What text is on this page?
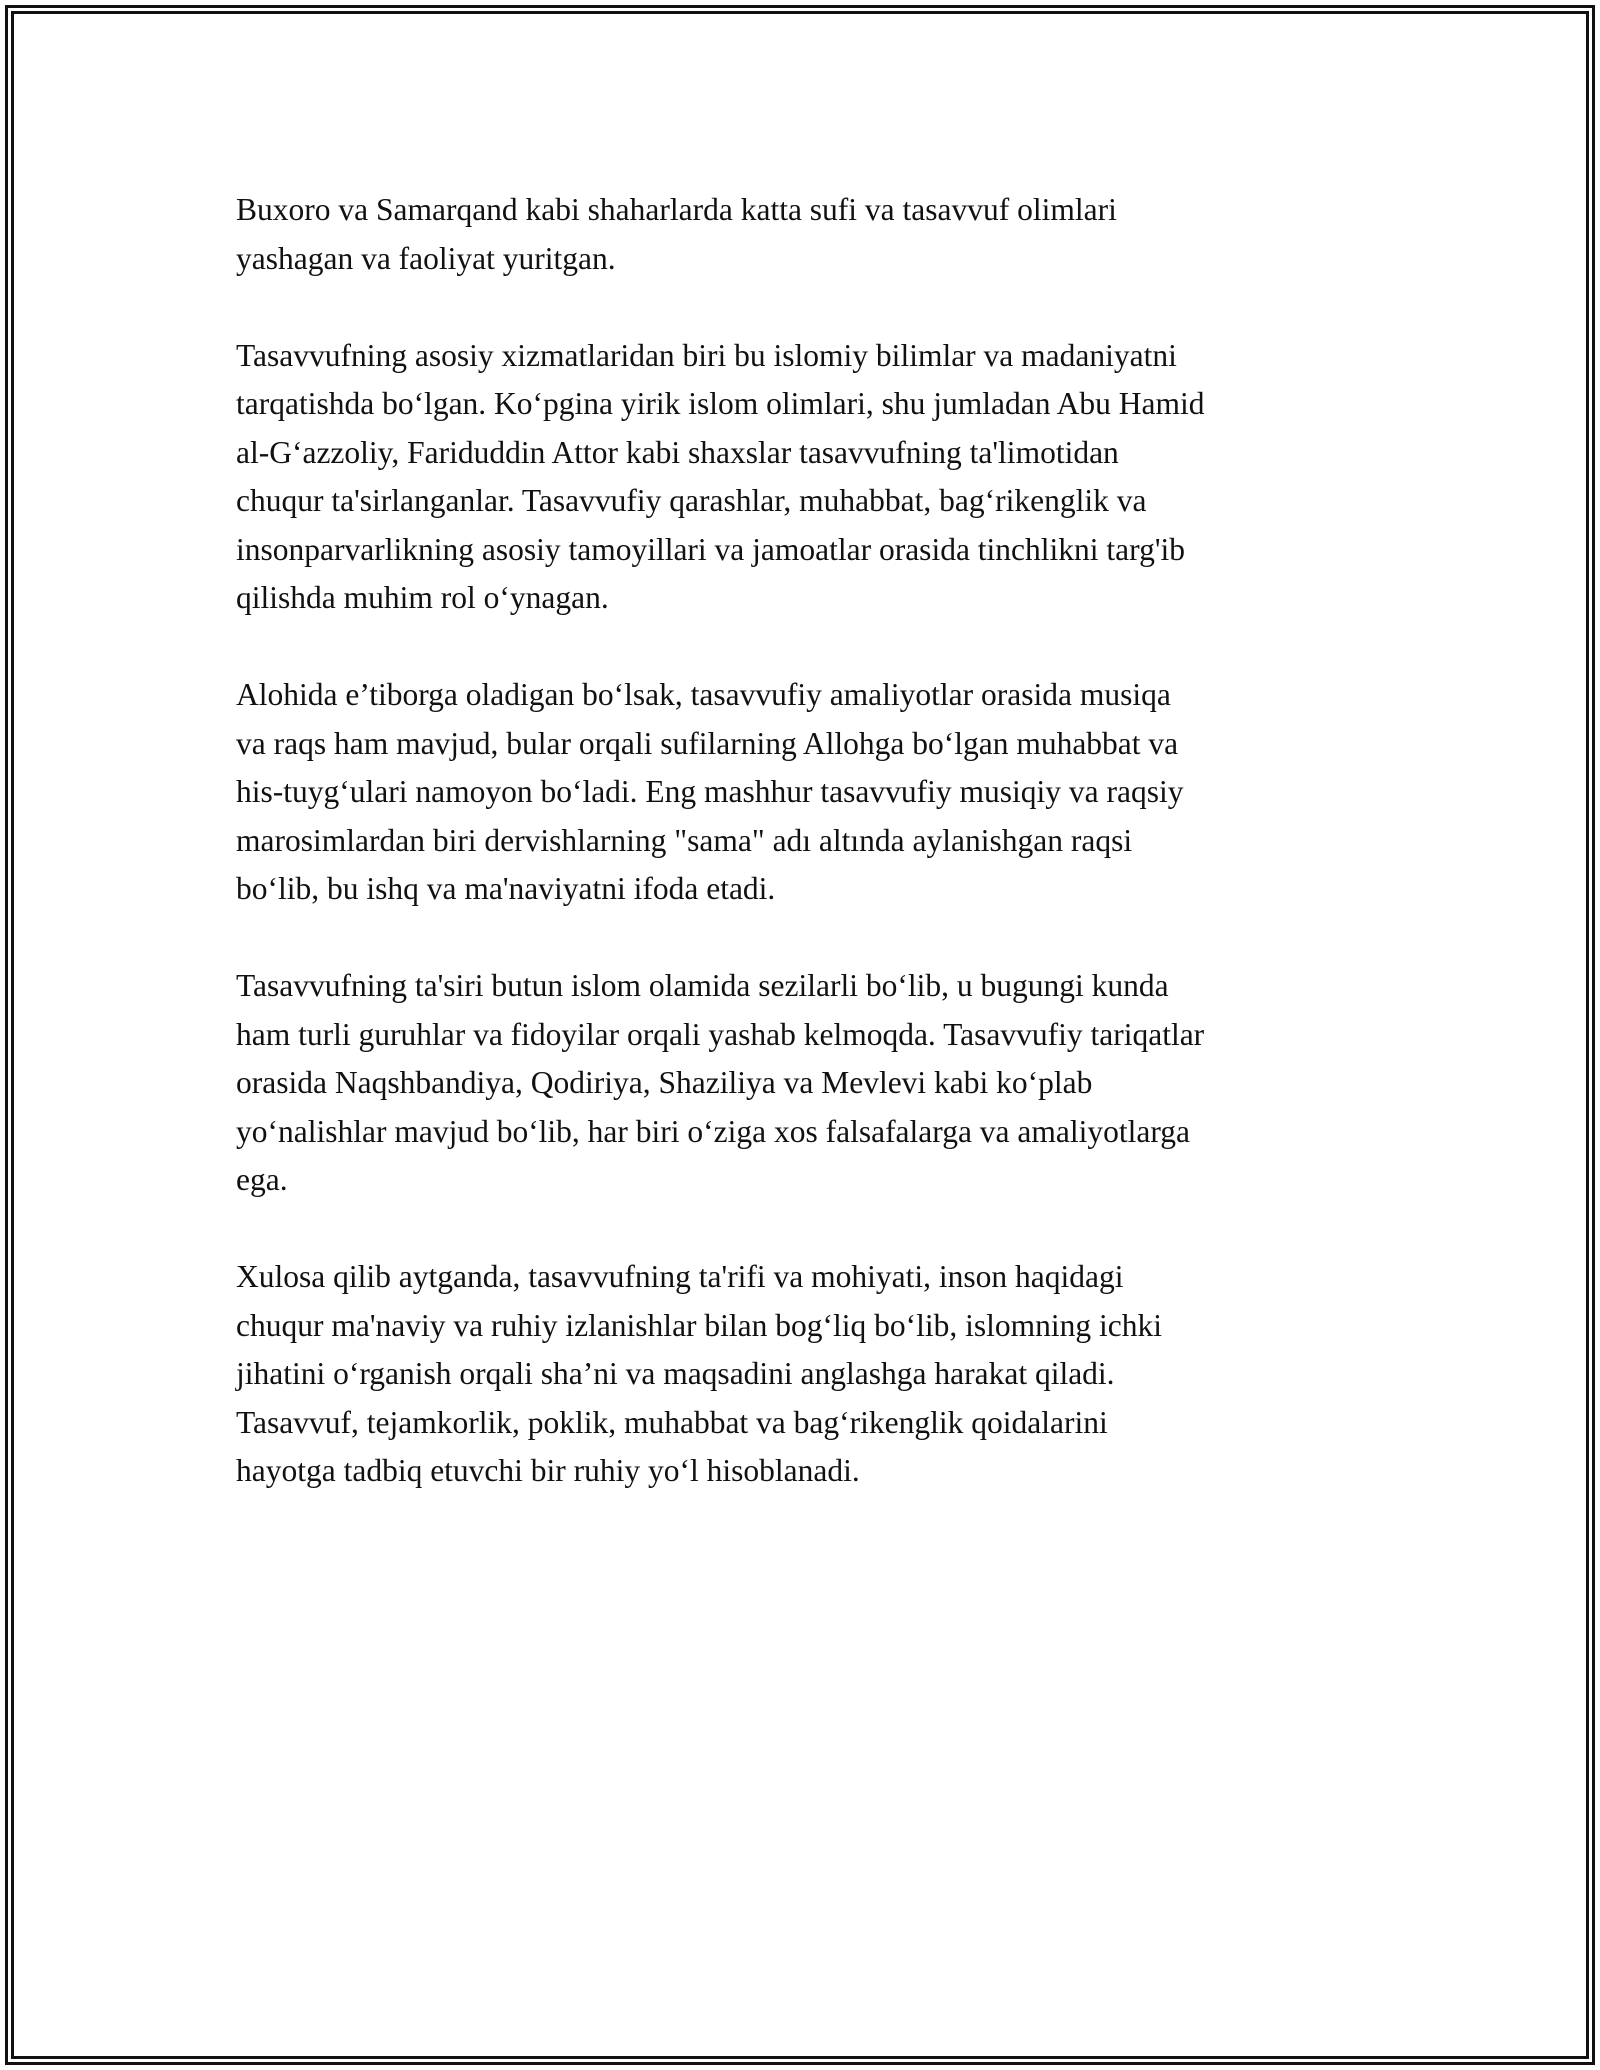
Buxoro va Samarqand kabi shaharlarda katta sufi va tasavvuf olimlari
yashagan va faoliyat yuritgan.

Tasavvufning asosiy xizmatlaridan biri bu islomiy bilimlar va madaniyatni
tarqatishda bo‘lgan. Ko‘pgina yirik islom olimlari, shu jumladan Abu Hamid
al-G‘azzoliy, Fariduddin Attor kabi shaxslar tasavvufning ta'limotidan
chuqur ta'sirlanganlar. Tasavvufiy qarashlar, muhabbat, bag‘rikenglik va
insonparvarlikning asosiy tamoyillari va jamoatlar orasida tinchlikni targ'ib
qilishda muhim rol o‘ynagan.

Alohida e’tiborga oladigan bo‘lsak, tasavvufiy amaliyotlar orasida musiqa
va raqs ham mavjud, bular orqali sufilarning Allohga bo‘lgan muhabbat va
his-tuyg‘ulari namoyon bo‘ladi. Eng mashhur tasavvufiy musiqiy va raqsiy
marosimlardan biri dervishlarning "sama" adı altında aylanishgan raqsi
bo‘lib, bu ishq va ma'naviyatni ifoda etadi.

Tasavvufning ta'siri butun islom olamida sezilarli bo‘lib, u bugungi kunda
ham turli guruhlar va fidoyilar orqali yashab kelmoqda. Tasavvufiy tariqatlar
orasida Naqshbandiya, Qodiriya, Shaziliya va Mevlevi kabi ko‘plab
yo‘nalishlar mavjud bo‘lib, har biri o‘ziga xos falsafalarga va amaliyotlarga
ega.

Xulosa qilib aytganda, tasavvufning ta'rifi va mohiyati, inson haqidagi
chuqur ma'naviy va ruhiy izlanishlar bilan bog‘liq bo‘lib, islomning ichki
jihatini o‘rganish orqali sha’ni va maqsadini anglashga harakat qiladi.
Tasavvuf, tejamkorlik, poklik, muhabbat va bag‘rikenglik qoidalarini
hayotga tadbiq etuvchi bir ruhiy yo‘l hisoblanadi.
